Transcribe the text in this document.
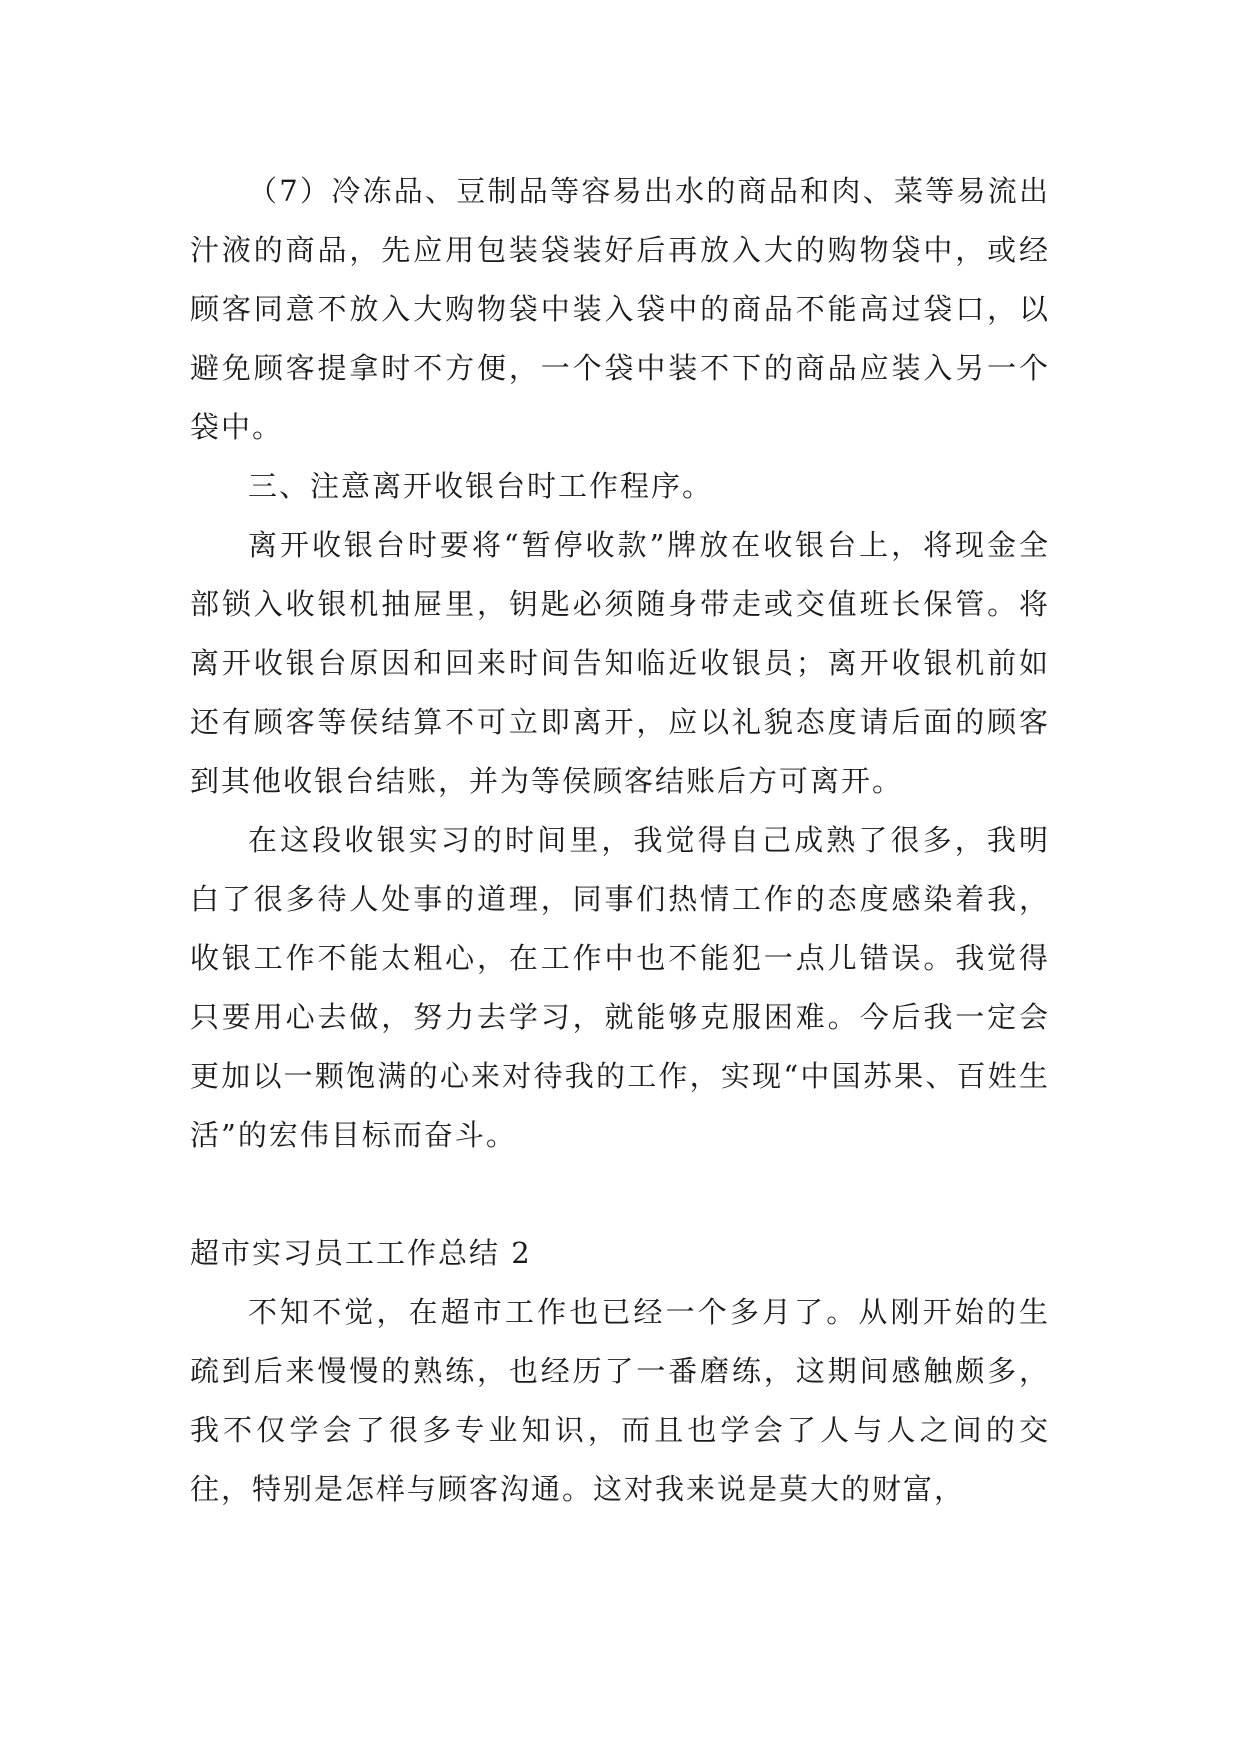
（7）冷冻品、豆制品等容易出水的商品和肉、菜等易流出汁液的商品，先应用包装袋装好后再放入大的购物袋中，或经顾客同意不放入大购物袋中装入袋中的商品不能高过袋口，以避免顾客提拿时不方便，一个袋中装不下的商品应装入另一个袋中。

三、注意离开收银台时工作程序。

离开收银台时要将“暂停收款”牌放在收银台上，将现金全部锁入收银机抽屉里，钥匙必须随身带走或交值班长保管。将离开收银台原因和回来时间告知临近收银员；离开收银机前如还有顾客等侯结算不可立即离开，应以礼貌态度请后面的顾客到其他收银台结账，并为等侯顾客结账后方可离开。

在这段收银实习的时间里，我觉得自己成熟了很多，我明白了很多待人处事的道理，同事们热情工作的态度感染着我，收银工作不能太粗心，在工作中也不能犯一点儿错误。我觉得只要用心去做，努力去学习，就能够克服困难。今后我一定会更加以一颗饱满的心来对待我的工作，实现“中国苏果、百姓生活”的宏伟目标而奋斗。

超市实习员工工作总结 2

不知不觉，在超市工作也已经一个多月了。从刚开始的生疏到后来慢慢的熟练，也经历了一番磨练，这期间感触颇多，我不仅学会了很多专业知识，而且也学会了人与人之间的交往，特别是怎样与顾客沟通。这对我来说是莫大的财富，
